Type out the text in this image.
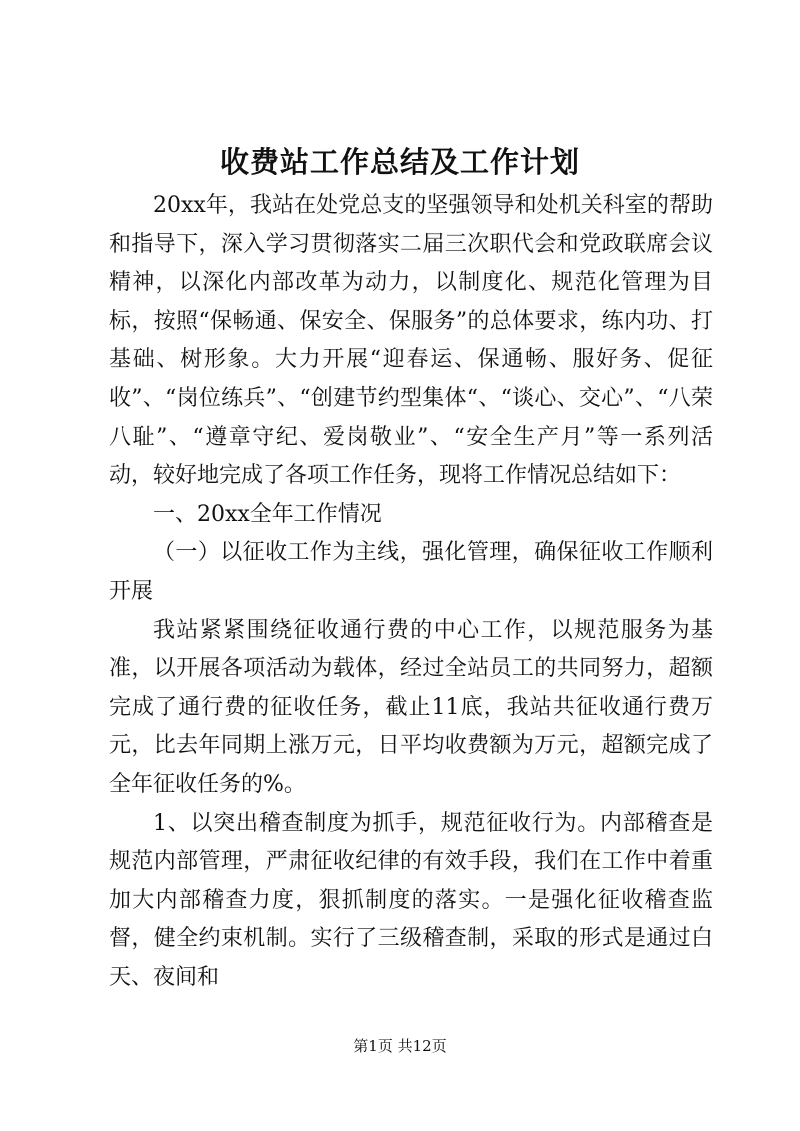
收费站工作总结及工作计划

20xx年，我站在处党总支的坚强领导和处机关科室的帮助和指导下，深入学习贯彻落实二届三次职代会和党政联席会议精神，以深化内部改革为动力，以制度化、规范化管理为目标，按照“保畅通、保安全、保服务”的总体要求，练内功、打基础、树形象。大力开展“迎春运、保通畅、服好务、促征收”、“岗位练兵”、“创建节约型集体“、“谈心、交心”、“八荣八耻”、“遵章守纪、爱岗敬业”、“安全生产月”等一系列活动，较好地完成了各项工作任务，现将工作情况总结如下：

一、20xx全年工作情况

（一）以征收工作为主线，强化管理，确保征收工作顺利开展

我站紧紧围绕征收通行费的中心工作，以规范服务为基准，以开展各项活动为载体，经过全站员工的共同努力，超额完成了通行费的征收任务，截止11底，我站共征收通行费万元，比去年同期上涨万元，日平均收费额为万元，超额完成了全年征收任务的%。

1、以突出稽查制度为抓手，规范征收行为。内部稽查是规范内部管理，严肃征收纪律的有效手段，我们在工作中着重加大内部稽查力度，狠抓制度的落实。一是强化征收稽查监督，健全约束机制。实行了三级稽查制，采取的形式是通过白天、夜间和

第1页 共12页
